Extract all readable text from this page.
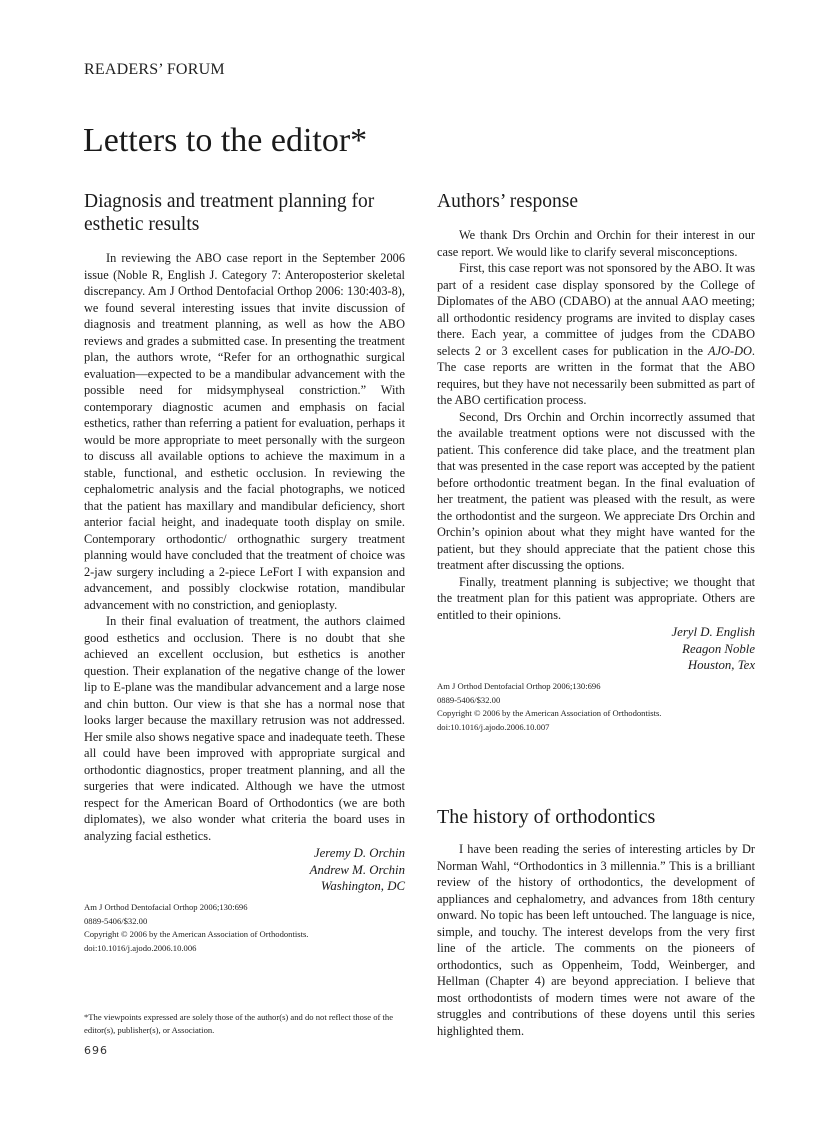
READERS’ FORUM
Letters to the editor*
Diagnosis and treatment planning for esthetic results

In reviewing the ABO case report in the September 2006 issue (Noble R, English J. Category 7: Anteroposterior skeletal discrepancy. Am J Orthod Dentofacial Orthop 2006: 130:403-8), we found several interesting issues that invite discussion of diagnosis and treatment planning, as well as how the ABO reviews and grades a submitted case. In presenting the treatment plan, the authors wrote, “Refer for an orthognathic surgical evaluation—expected to be a mandibular advancement with the possible need for midsymphyseal constriction.” With contemporary diagnostic acumen and emphasis on facial esthetics, rather than referring a patient for evaluation, perhaps it would be more appropriate to meet personally with the surgeon to discuss all available options to achieve the maximum in a stable, functional, and esthetic occlusion. In reviewing the cephalometric analysis and the facial photographs, we noticed that the patient has maxillary and mandibular deficiency, short anterior facial height, and inadequate tooth display on smile. Contemporary orthodontic/ orthognathic surgery treatment planning would have concluded that the treatment of choice was 2-jaw surgery including a 2-piece LeFort I with expansion and advancement, and possibly clockwise rotation, mandibular advancement with no constriction, and genioplasty.

In their final evaluation of treatment, the authors claimed good esthetics and occlusion. There is no doubt that she achieved an excellent occlusion, but esthetics is another question. Their explanation of the negative change of the lower lip to E-plane was the mandibular advancement and a large nose and chin button. Our view is that she has a normal nose that looks larger because the maxillary retrusion was not addressed. Her smile also shows negative space and inadequate teeth. These all could have been improved with appropriate surgical and orthodontic diagnostics, proper treatment planning, and all the surgeries that were indicated. Although we have the utmost respect for the American Board of Orthodontics (we are both diplomates), we also wonder what criteria the board uses in analyzing facial esthetics.

Jeremy D. Orchin
Andrew M. Orchin
Washington, DC
Am J Orthod Dentofacial Orthop 2006;130:696
0889-5406/$32.00
Copyright © 2006 by the American Association of Orthodontists.
doi:10.1016/j.ajodo.2006.10.006
Authors’ response

We thank Drs Orchin and Orchin for their interest in our case report. We would like to clarify several misconceptions.

First, this case report was not sponsored by the ABO. It was part of a resident case display sponsored by the College of Diplomates of the ABO (CDABO) at the annual AAO meeting; all orthodontic residency programs are invited to display cases there. Each year, a committee of judges from the CDABO selects 2 or 3 excellent cases for publication in the AJO-DO. The case reports are written in the format that the ABO requires, but they have not necessarily been submitted as part of the ABO certification process.

Second, Drs Orchin and Orchin incorrectly assumed that the available treatment options were not discussed with the patient. This conference did take place, and the treatment plan that was presented in the case report was accepted by the patient before orthodontic treatment began. In the final evaluation of her treatment, the patient was pleased with the result, as were the orthodontist and the surgeon. We appreciate Drs Orchin and Orchin’s opinion about what they might have wanted for the patient, but they should appreciate that the patient chose this treatment after discussing the options.

Finally, treatment planning is subjective; we thought that the treatment plan for this patient was appropriate. Others are entitled to their opinions.

Jeryl D. English
Reagon Noble
Houston, Tex
Am J Orthod Dentofacial Orthop 2006;130:696
0889-5406/$32.00
Copyright © 2006 by the American Association of Orthodontists.
doi:10.1016/j.ajodo.2006.10.007
The history of orthodontics

I have been reading the series of interesting articles by Dr Norman Wahl, “Orthodontics in 3 millennia.” This is a brilliant review of the history of orthodontics, the development of appliances and cephalometry, and advances from 18th century onward. No topic has been left untouched. The language is nice, simple, and touchy. The interest develops from the very first line of the article. The comments on the pioneers of orthodontics, such as Oppenheim, Todd, Weinberger, and Hellman (Chapter 4) are beyond appreciation. I believe that most orthodontists of modern times were not aware of the struggles and contributions of these doyens until this series highlighted them.

*The viewpoints expressed are solely those of the author(s) and do not reflect those of the editor(s), publisher(s), or Association.
696
